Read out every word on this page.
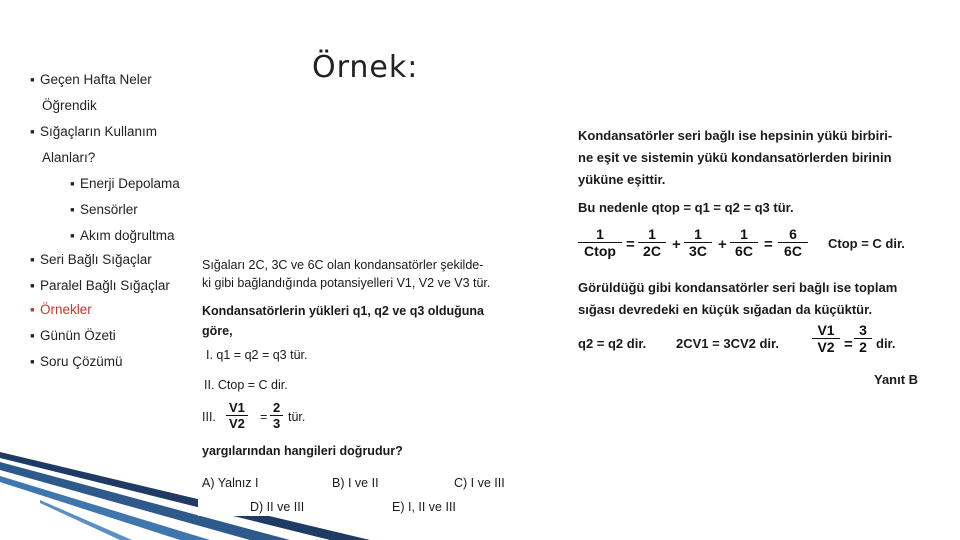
Örnek:
▪ Geçen Hafta Neler
Öğrendik
▪ Sığaçların Kullanım
Alanları?
▪ Enerji Depolama
▪ Sensörler
▪ Akım doğrultma
▪ Seri Bağlı Sığaçlar
▪ Paralel Bağlı Sığaçlar
▪ Örnekler
▪ Günün Özeti
▪ Soru Çözümü
Sığaları 2C, 3C ve 6C olan kondansatörler şekilde-
ki gibi bağlandığında potansiyelleri V1, V2 ve V3 tür.
Kondansatörlerin yükleri q1, q2 ve q3 olduğuna
göre,
I. q1 = q2 = q3 tür.
II. Ctop = C dir.
III. $\frac{V1}{V2} = \frac{2}{3}$ tür.
yargılarından hangileri doğrudur?
A) Yalnız I	B) I ve II	C) I ve III
D) II ve III	E) I, II ve III
Kondansatörler seri bağlı ise hepsinin yükü birbiri-
ne eşit ve sistemin yükü kondansatörlerden birinin
yüküne eşittir.
Bu nedenle qtop = q1 = q2 = q3 tür.
1
Ctop = $\frac{1}{2C} + \frac{1}{3C} + \frac{1}{6C} = \frac{6}{6C}$ Ctop = C dir.
Görüldüğü gibi kondansatörler seri bağlı ise toplam
sığası devredeki en küçük sığadan da küçüktür.
q2 = q2 dir. 2CV1 = 3CV2 dir. $\frac{V1}{V2} = \frac{3}{2}$ dir.
Yanıt B
